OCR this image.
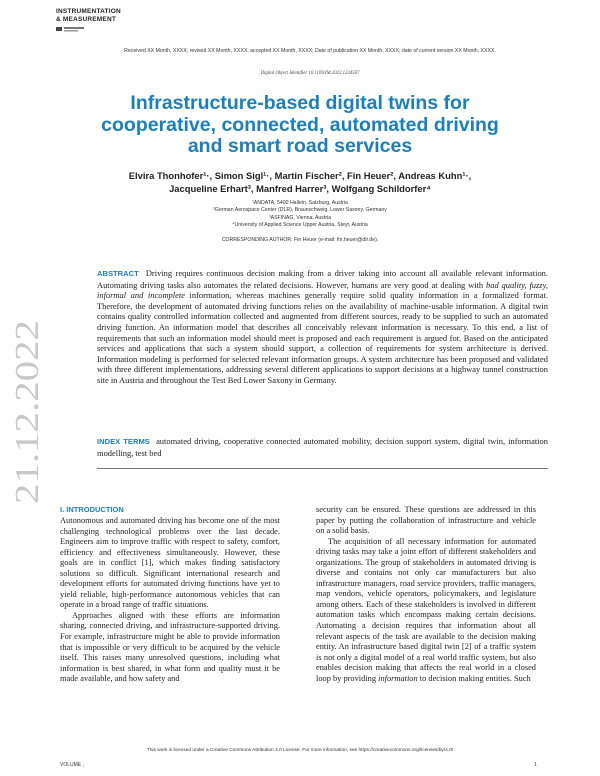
INSTRUMENTATION
& MEASUREMENT
Received XX Month, XXXX; revised XX Month, XXXX; accepted XX Month, XXXX; Date of publication XX Month, XXXX; date of current version XX Month, XXXX.
Digital Object Identifier 10.1109/IM.2022.1234567
Infrastructure-based digital twins for cooperative, connected, automated driving and smart road services
Elvira Thonhofer¹·, Simon Sigl¹·, Martin Fischer², Fin Heuer², Andreas Kuhn¹·,
Jacqueline Erhart³, Manfred Harrer³, Wolfgang Schildorfer⁴
¹ANDATA, 5400 Hallein, Salzburg, Austria
²German Aerospace Center (DLR), Braunschweig, Lower Saxony, Germany
³ASFINAG, Vienna, Austria
⁴University of Applied Science Upper Austria, Steyr, Austria
CORRESPONDING AUTHOR: Fin Heuer (e-mail: fin.heuer@dlr.de).

ABSTRACT Driving requires continuous decision making from a driver taking into account all available relevant information. Automating driving tasks also automates the related decisions. However, humans are very good at dealing with bad quality, fuzzy, informal and incomplete information, whereas machines generally require solid quality information in a formalized format. Therefore, the development of automated driving functions relies on the availability of machine-usable information. A digital twin contains quality controlled information collected and augmented from different sources, ready to be supplied to such an automated driving function. An information model that describes all conceivably relevant information is necessary. To this end, a list of requirements that such an information model should meet is proposed and each requirement is argued for. Based on the anticipated services and applications that such a system should support, a collection of requirements for system architecture is derived. Information modeling is performed for selected relevant information groups. A system architecture has been proposed and validated with three different implementations, addressing several different applications to support decisions at a highway tunnel construction site in Austria and throughout the Test Bed Lower Saxony in Germany.

INDEX TERMS automated driving, cooperative connected automated mobility, decision support system, digital twin, information modelling, test bed

21.12.2022
I. INTRODUCTION

Autonomous and automated driving has become one of the most challenging technological problems over the last decade. Engineers aim to improve traffic with respect to safety, comfort, efficiency and effectiveness simultaneously. However, these goals are in conflict [1], which makes finding satisfactory solutions so difficult. Significant international research and development efforts for automated driving functions have yet to yield reliable, high-performance autonomous vehicles that can operate in a broad range of traffic situations.

Approaches aligned with these efforts are information sharing, connected driving, and infrastructure-supported driving. For example, infrastructure might be able to provide information that is impossible or very difficult to be acquired by the vehicle itself. This raises many unresolved questions, including what information is best shared, in what form and quality must it be made available, and how safety and

security can be ensured. These questions are addressed in this paper by putting the collaboration of infrastructure and vehicle on a solid basis.

The acquisition of all necessary information for automated driving tasks may take a joint effort of different stakeholders and organizations. The group of stakeholders in automated driving is diverse and contains not only car manufacturers but also infrastructure managers, road service providers, traffic managers, map vendors, vehicle operators, policymakers, and legislature among others. Each of these stakeholders is involved in different automation tasks which encompass making certain decisions. Automating a decision requires that information about all relevant aspects of the task are available to the decision making entity. An infrastructure based digital twin [2] of a traffic system is not only a digital model of a real world traffic system, but also enables decision making that affects the real world in a closed loop by providing information to decision making entities. Such

This work is licensed under a Creative Commons Attribution 4.0 License. For more information, see https://creativecommons.org/licenses/by/4.0/
VOLUME ,	1
